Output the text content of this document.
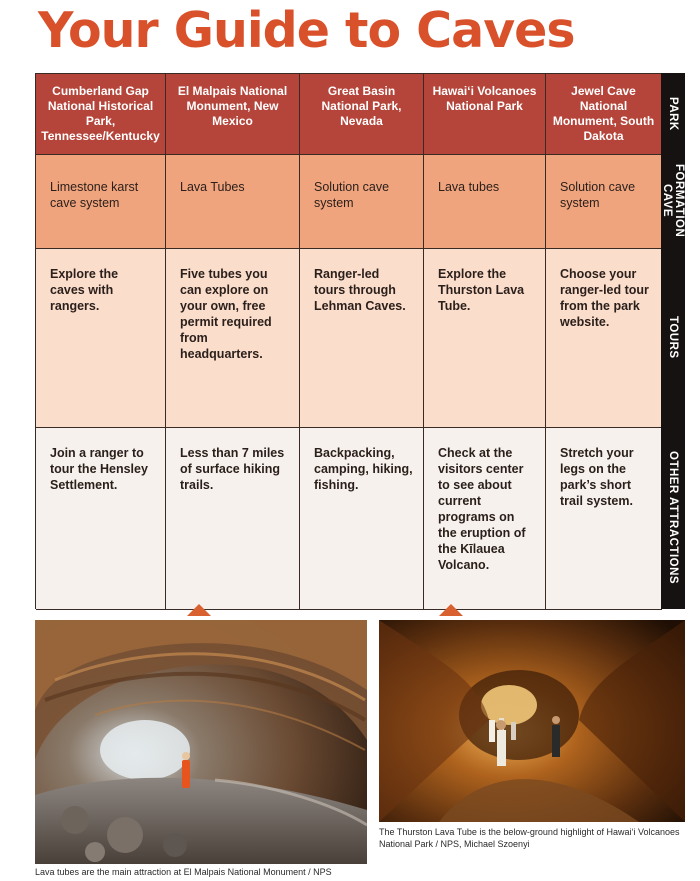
Your Guide to Caves
Cumberland Gap National Historical Park, Tennessee/Kentucky
El Malpais National Monument, New Mexico
Great Basin National Park, Nevada
Hawai‘i Volcanoes National Park
Jewel Cave National Monument, South Dakota
Limestone karst cave system
Lava Tubes	Solution cave system
Lava tubes	Solution cave system
Explore the caves with rangers.
Five tubes you can explore on your own, free permit required from headquarters.
Ranger-led tours through Lehman Caves.
Explore the Thurston Lava Tube.
Choose your ranger-led tour from the park website.
Join a ranger to tour the Hensley Settlement.
Less than 7 miles of surface hiking trails.
Backpacking, camping, hiking, fishing.
Check at the visitors center to see about current programs on the eruption of the Kīlauea Volcano.
Stretch your legs on the park’s short trail system.
PARK
CAVE FORMATION
TOURS
OTHER ATTRACTIONS

Lava tubes are the main attraction at El Malpais National Monument / NPS

The Thurston Lava Tube is the below-ground highlight of Hawai‘i Volcanoes National Park / NPS, Michael Szoenyi
